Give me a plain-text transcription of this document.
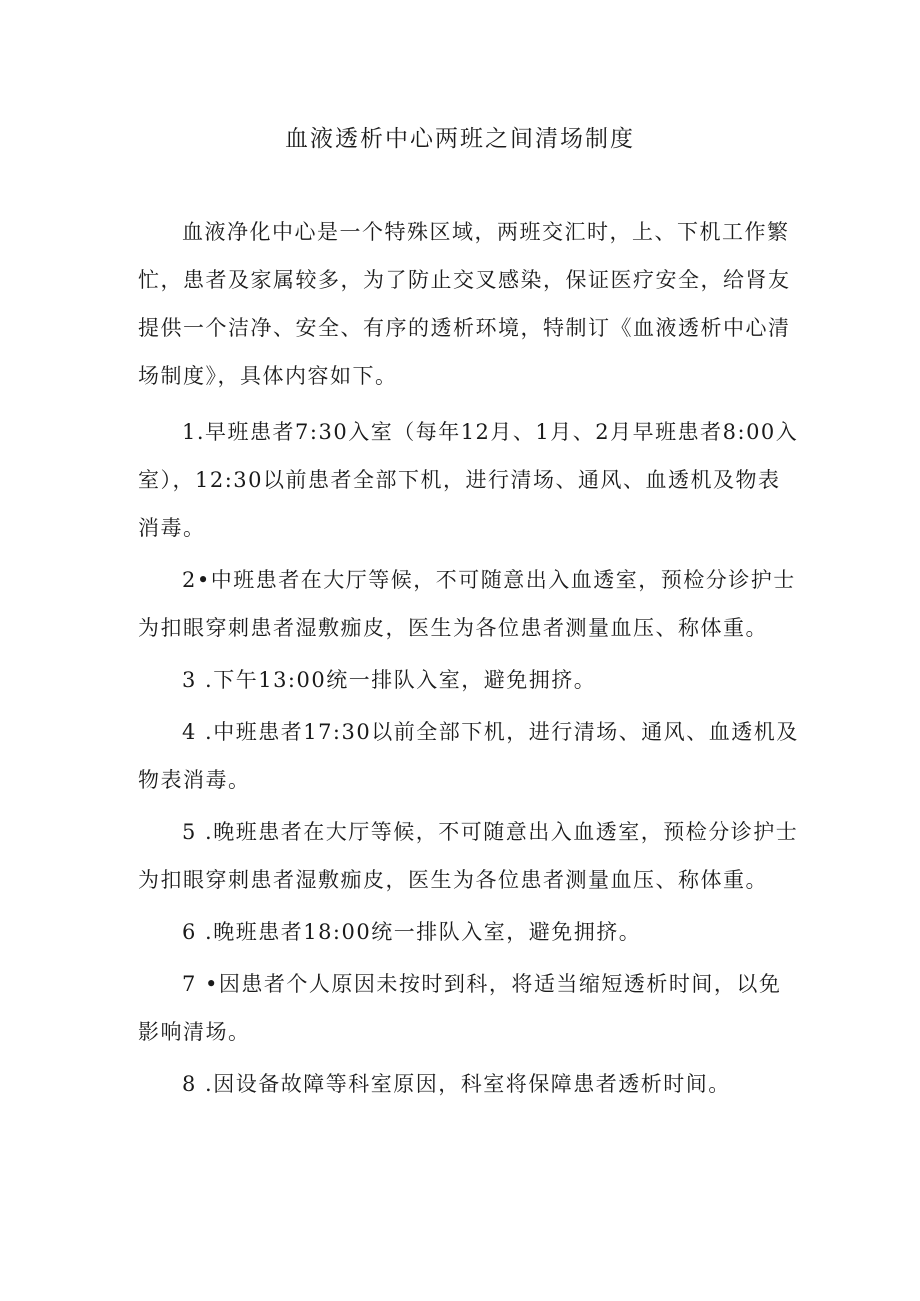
血液透析中心两班之间清场制度

血液净化中心是一个特殊区域，两班交汇时，上、下机工作繁忙，患者及家属较多，为了防止交叉感染，保证医疗安全，给肾友提供一个洁净、安全、有序的透析环境，特制订《血液透析中心清场制度》，具体内容如下。

1.早班患者7:30入室（每年12月、1月、2月早班患者8:00入室），12:30以前患者全部下机，进行清场、通风、血透机及物表消毒。

2•中班患者在大厅等候，不可随意出入血透室，预检分诊护士为扣眼穿刺患者湿敷痂皮，医生为各位患者测量血压、称体重。

3 .下午13:00统一排队入室，避免拥挤。

4 .中班患者17:30以前全部下机，进行清场、通风、血透机及物表消毒。

5 .晚班患者在大厅等候，不可随意出入血透室，预检分诊护士为扣眼穿刺患者湿敷痂皮，医生为各位患者测量血压、称体重。

6 .晚班患者18:00统一排队入室，避免拥挤。

7 •因患者个人原因未按时到科，将适当缩短透析时间，以免影响清场。

8 .因设备故障等科室原因，科室将保障患者透析时间。
